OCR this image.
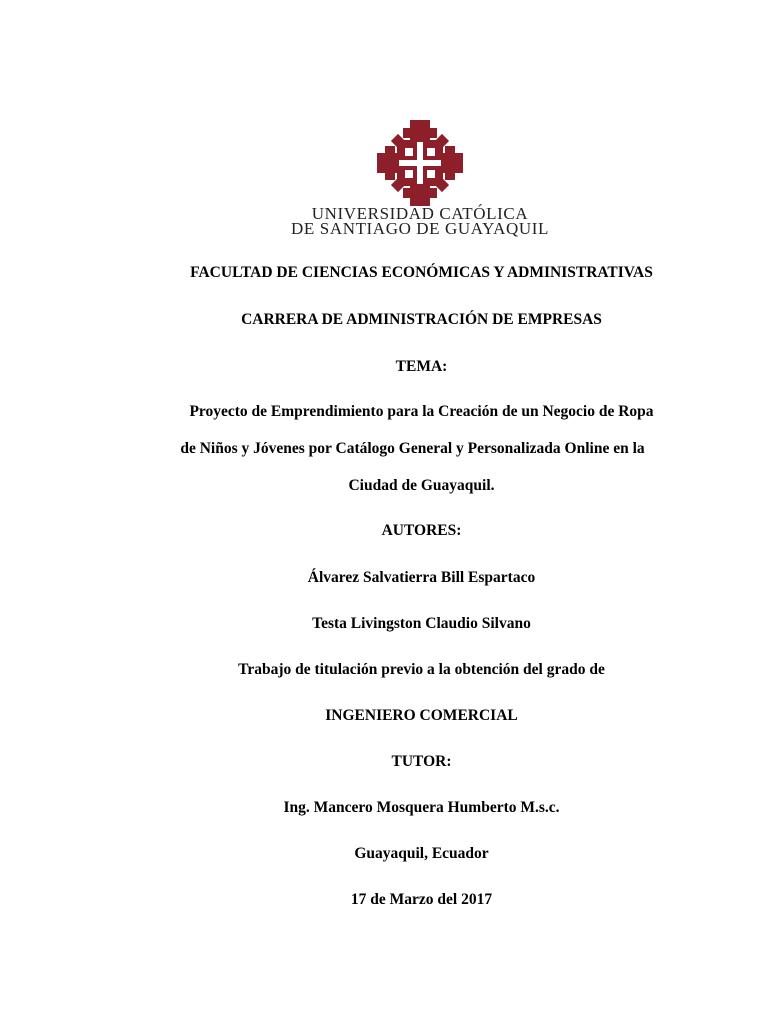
UNIVERSIDAD CATÓLICA
DE SANTIAGO DE GUAYAQUIL
FACULTAD DE CIENCIAS ECONÓMICAS Y ADMINISTRATIVAS
CARRERA DE ADMINISTRACIÓN DE EMPRESAS
TEMA:
Proyecto de Emprendimiento para la Creación de un Negocio de Ropa
de Niños y Jóvenes por Catálogo General y Personalizada Online en la
Ciudad de Guayaquil.
AUTORES:
Álvarez Salvatierra Bill Espartaco
Testa Livingston Claudio Silvano
Trabajo de titulación previo a la obtención del grado de
INGENIERO COMERCIAL
TUTOR:
Ing. Mancero Mosquera Humberto M.s.c.
Guayaquil, Ecuador
17 de Marzo del 2017
